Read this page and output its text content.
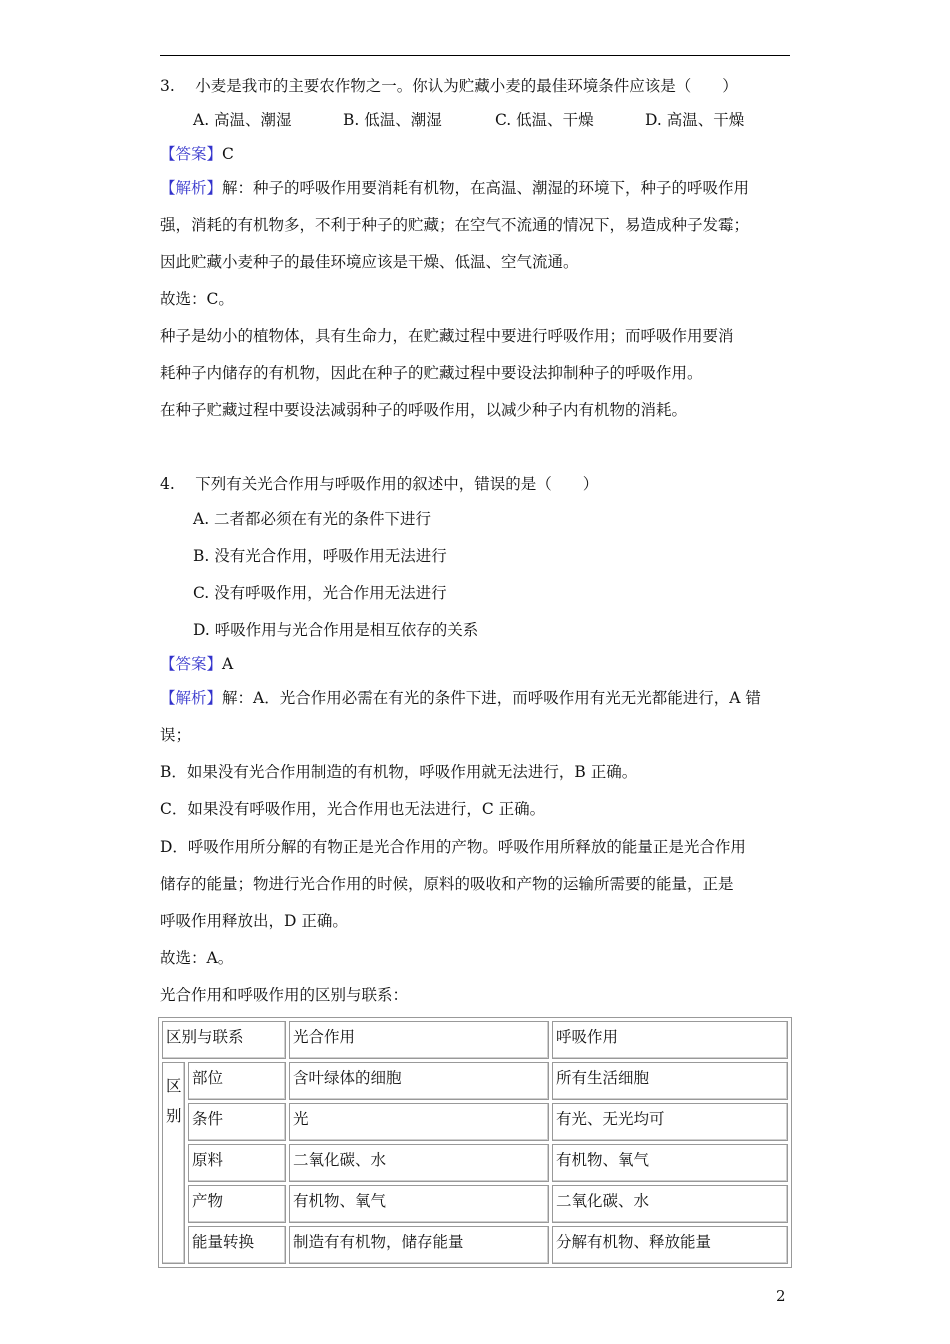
3.　 小麦是我市的主要农作物之一。你认为贮藏小麦的最佳环境条件应该是（　　）
A. 高温、潮湿	B. 低温、潮湿	C. 低温、干燥	D. 高温、干燥
【答案】C
【解析】解：种子的呼吸作用要消耗有机物，在高温、潮湿的环境下，种子的呼吸作用
强，消耗的有机物多，不利于种子的贮藏；在空气不流通的情况下，易造成种子发霉；
因此贮藏小麦种子的最佳环境应该是干燥、低温、空气流通。
故选：C。
种子是幼小的植物体，具有生命力，在贮藏过程中要进行呼吸作用；而呼吸作用要消
耗种子内储存的有机物，因此在种子的贮藏过程中要设法抑制种子的呼吸作用。
在种子贮藏过程中要设法减弱种子的呼吸作用，以减少种子内有机物的消耗。
4.　 下列有关光合作用与呼吸作用的叙述中，错误的是（　　）
A. 二者都必须在有光的条件下进行
B. 没有光合作用，呼吸作用无法进行
C. 没有呼吸作用，光合作用无法进行
D. 呼吸作用与光合作用是相互依存的关系
【答案】A
【解析】解：A．光合作用必需在有光的条件下进，而呼吸作用有光无光都能进行，A 错
误；
B．如果没有光合作用制造的有机物，呼吸作用就无法进行，B 正确。
C．如果没有呼吸作用，光合作用也无法进行，C 正确。
D．呼吸作用所分解的有物正是光合作用的产物。呼吸作用所释放的能量正是光合作用
储存的能量；物进行光合作用的时候，原料的吸收和产物的运输所需要的能量，正是
呼吸作用释放出，D 正确。
故选：A。
光合作用和呼吸作用的区别与联系：
区别与联系		光合作用	呼吸作用
区
别	部位	含叶绿体的细胞	所有生活细胞
	条件	光	有光、无光均可
	原料	二氧化碳、水	有机物、氧气
	产物	有机物、氧气	二氧化碳、水
	能量转换	制造有有机物，储存能量	分解有机物、释放能量
2
